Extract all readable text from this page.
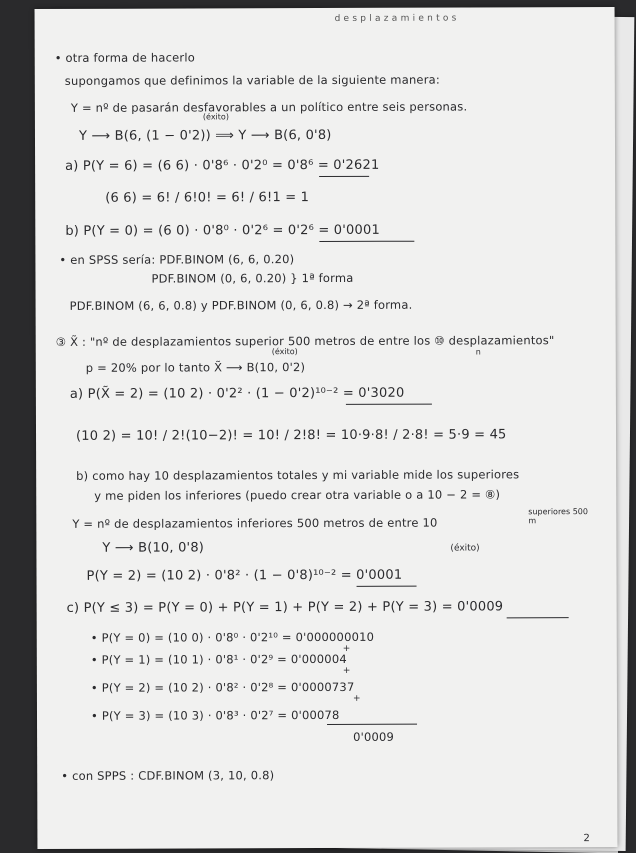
d e s p l a z a m i e n t o s
• otra forma de hacerlo
supongamos que definimos la variable de la siguiente manera:
Y = nº de pasarán desfavorables a un político entre seis personas.
(éxito)
Y ⟶ B(6, (1 − 0'2)) ⟹ Y ⟶ B(6, 0'8)
a) P(Y = 6) = (6 6) · 0'8⁶ · 0'2⁰ = 0'8⁶ = 0'2621
(6 6) = 6! / 6!0! = 6! / 6!1 = 1
b) P(Y = 0) = (6 0) · 0'8⁰ · 0'2⁶ = 0'2⁶ = 0'0001
• en SPSS sería: PDF.BINOM (6, 6, 0.20)
PDF.BINOM (0, 6, 0.20) } 1ª forma
PDF.BINOM (6, 6, 0.8) y PDF.BINOM (0, 6, 0.8) → 2ª forma.
③ X̃ : "nº de desplazamientos superior 500 metros de entre los ⑩ desplazamientos"
(éxito)	n
p = 20% por lo tanto X̃ ⟶ B(10, 0'2)
a) P(X̃ = 2) = (10 2) · 0'2² · (1 − 0'2)¹⁰⁻² = 0'3020
(10 2) = 10! / 2!(10−2)! = 10! / 2!8! = 10·9·8! / 2·8! = 5·9 = 45
b) como hay 10 desplazamientos totales y mi variable mide los superiores
y me piden los inferiores (puedo crear otra variable o a 10 − 2 = ⑧)
superiores 500 m
Y = nº de desplazamientos inferiores 500 metros de entre 10
Y ⟶ B(10, 0'8)	(éxito)
P(Y = 2) = (10 2) · 0'8² · (1 − 0'8)¹⁰⁻² = 0'0001
c) P(Y ≤ 3) = P(Y = 0) + P(Y = 1) + P(Y = 2) + P(Y = 3) = 0'0009
• P(Y = 0) = (10 0) · 0'8⁰ · 0'2¹⁰ = 0'000000010
+
• P(Y = 1) = (10 1) · 0'8¹ · 0'2⁹ = 0'000004
+
• P(Y = 2) = (10 2) · 0'8² · 0'2⁸ = 0'0000737
+
• P(Y = 3) = (10 3) · 0'8³ · 0'2⁷ = 0'00078
0'0009
• con SPPS : CDF.BINOM (3, 10, 0.8)
2
